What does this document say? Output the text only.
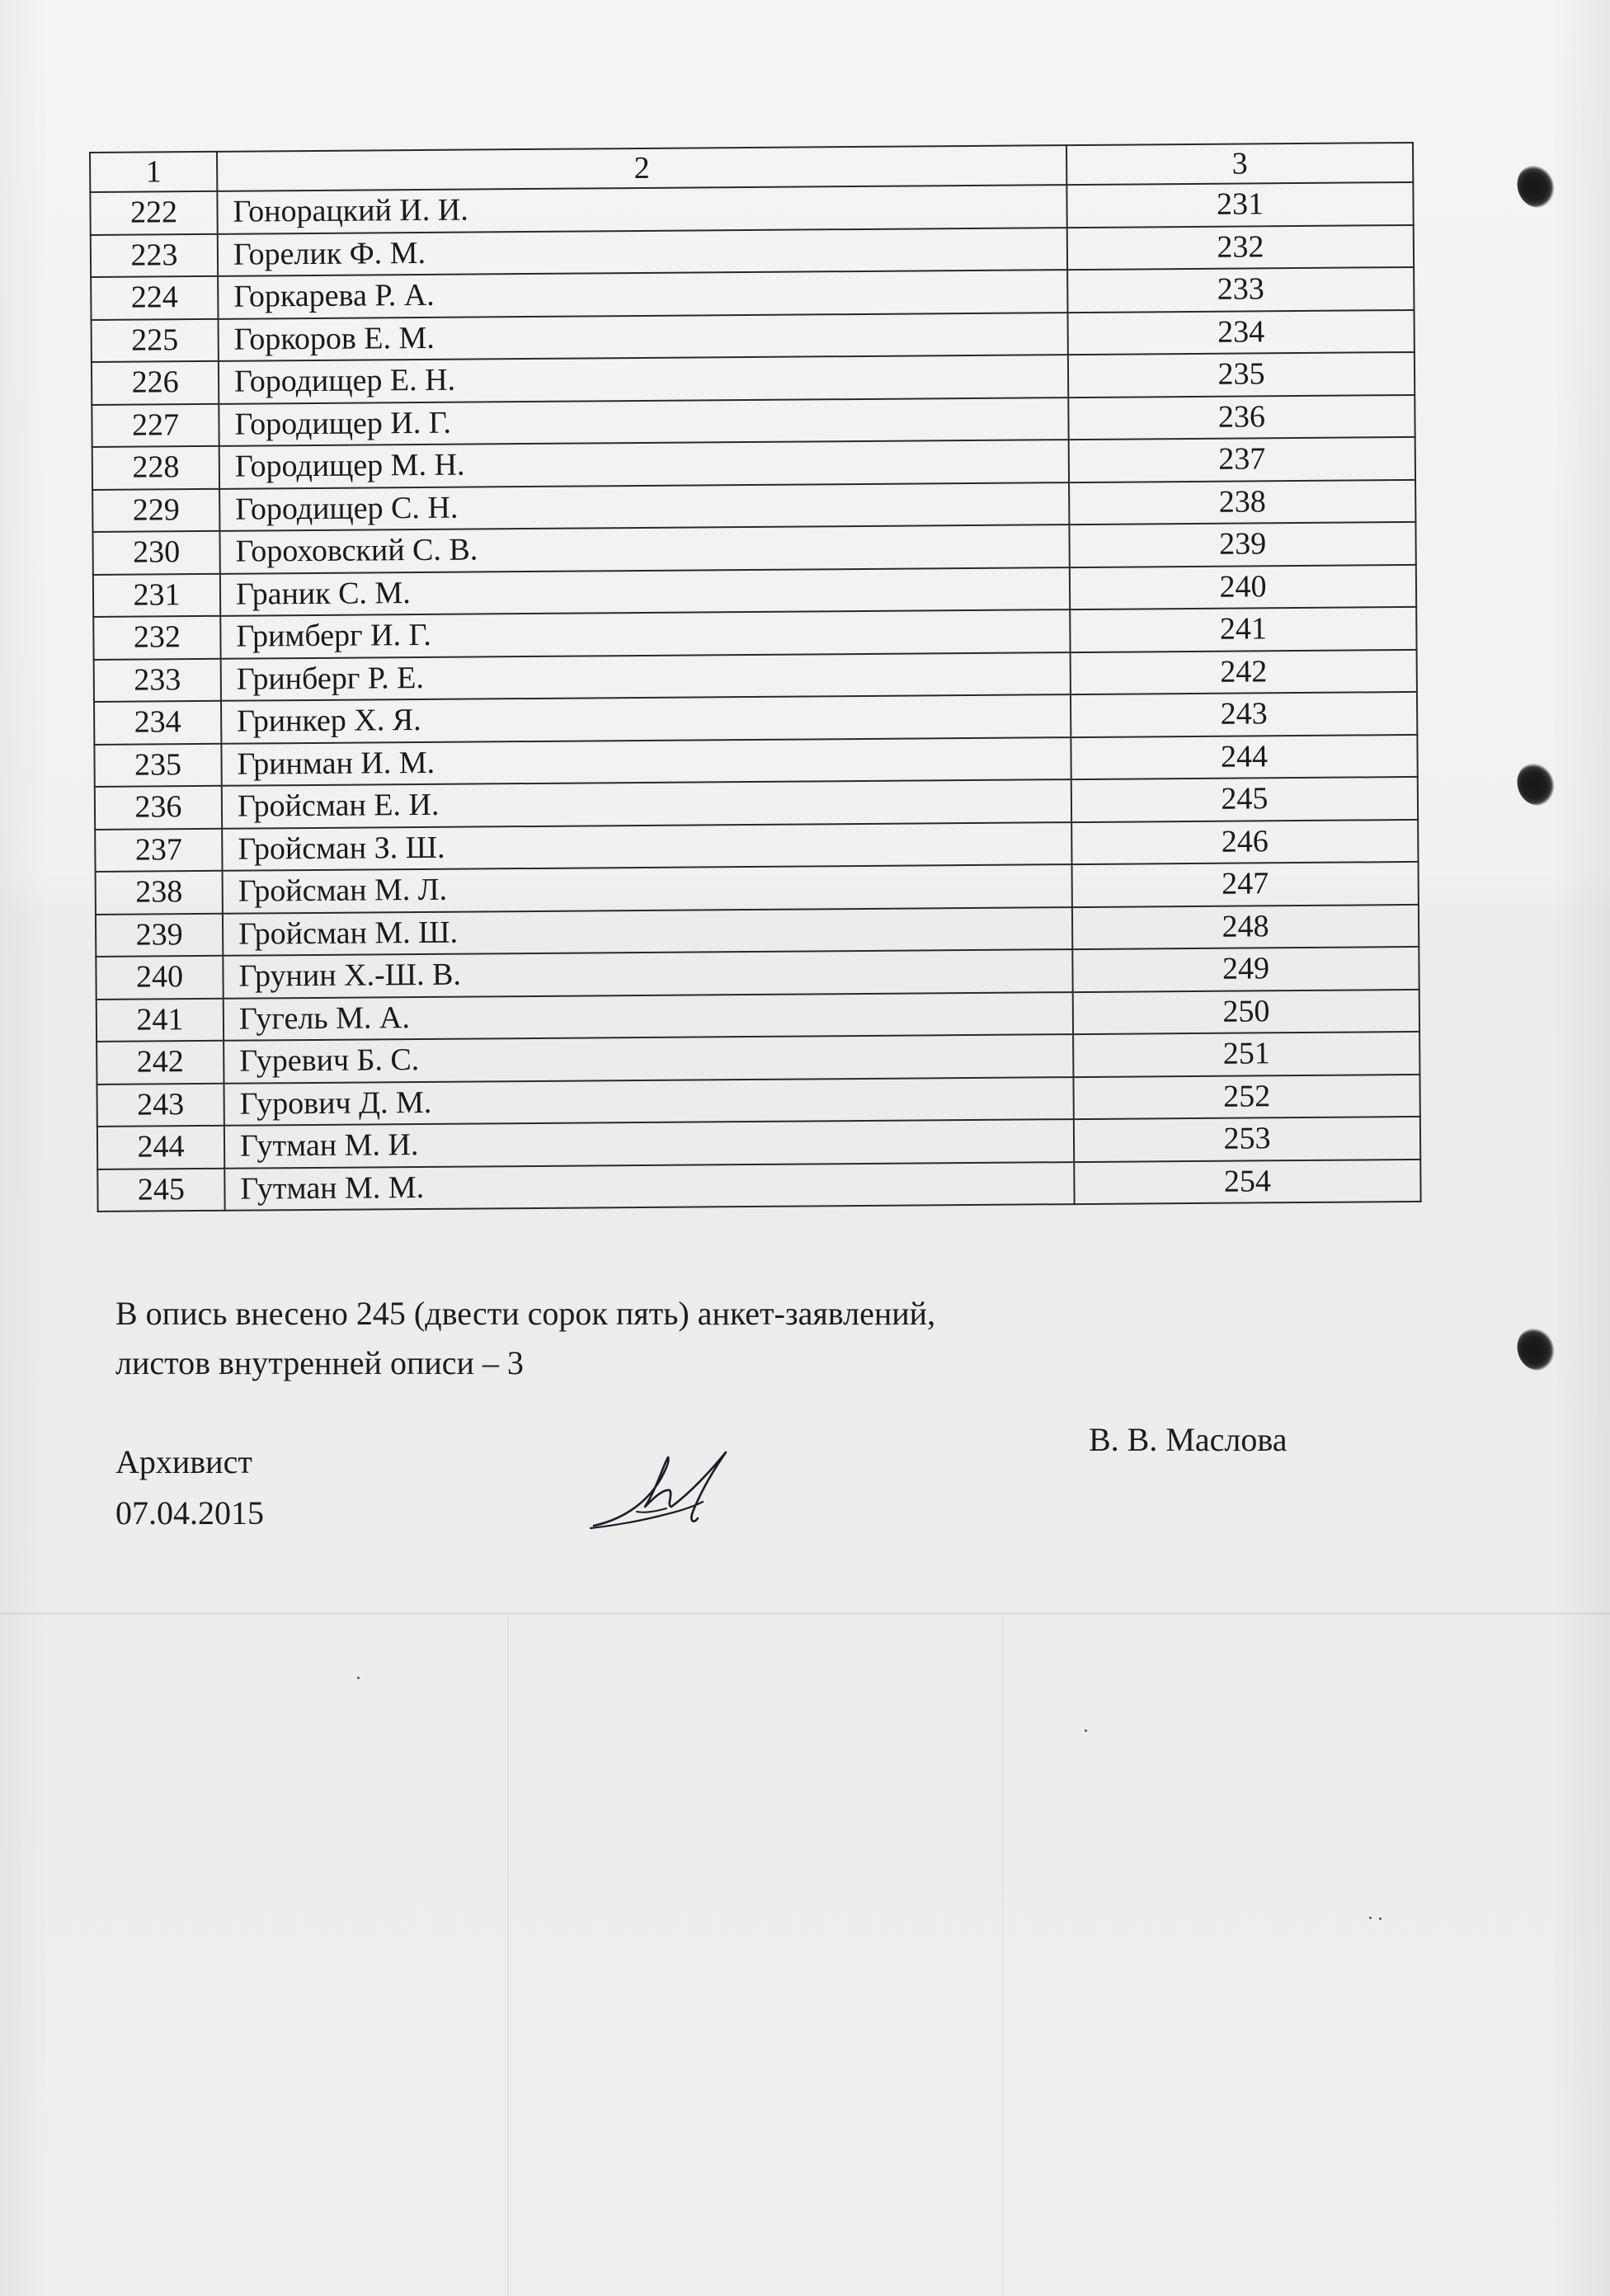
1	2	3
222	Гонорацкий И. И.	231
223	Горелик Ф. М.	232
224	Горкарева Р. А.	233
225	Горкоров Е. М.	234
226	Городищер Е. Н.	235
227	Городищер И. Г.	236
228	Городищер М. Н.	237
229	Городищер С. Н.	238
230	Гороховский С. В.	239
231	Граник С. М.	240
232	Гримберг И. Г.	241
233	Гринберг Р. Е.	242
234	Гринкер Х. Я.	243
235	Гринман И. М.	244
236	Гройсман Е. И.	245
237	Гройсман З. Ш.	246
238	Гройсман М. Л.	247
239	Гройсман М. Ш.	248
240	Грунин Х.-Ш. В.	249
241	Гугель М. А.	250
242	Гуревич Б. С.	251
243	Гурович Д. М.	252
244	Гутман М. И.	253
245	Гутман М. М.	254
В опись внесено 245 (двести сорок пять) анкет-заявлений,
листов внутренней описи – 3
Архивист
07.04.2015
В. В. Маслова
